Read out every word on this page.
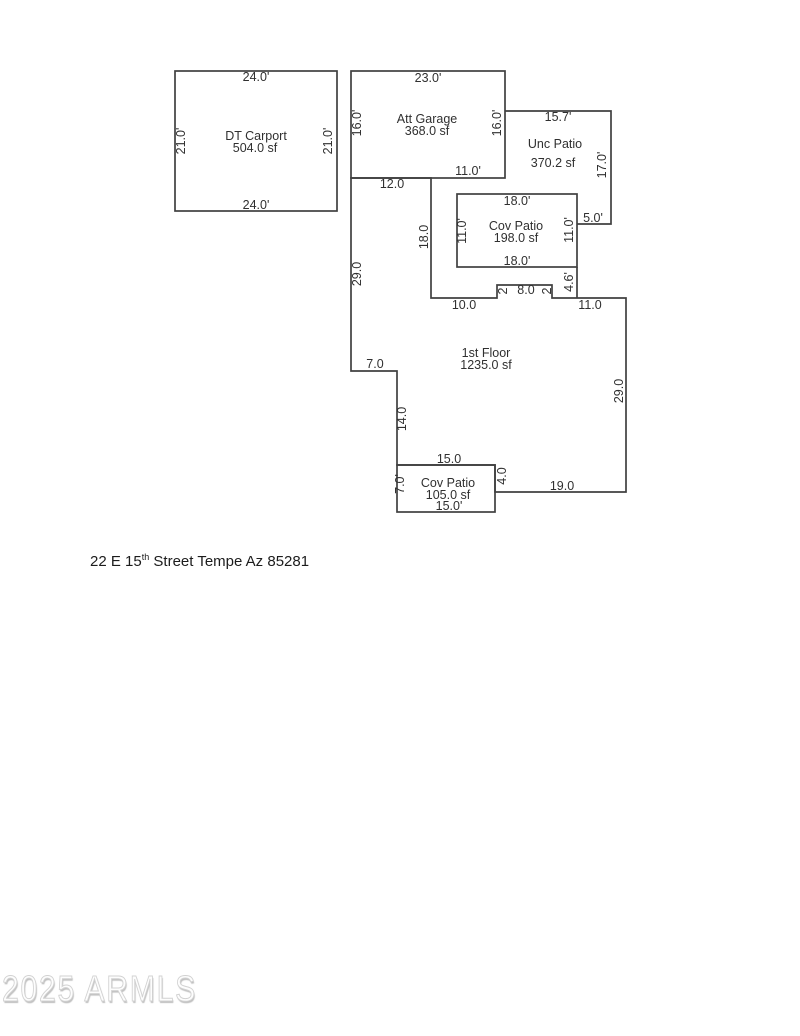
24.0'
24.0'
21.0'	21.0'
DT Carport
504.0 sf
23.0'
16.0'	16.0'
11.0'
Att Garage
368.0 sf
15.7'
Unc Patio
370.2 sf 17.0'
5.0'
18.0'
Cov Patio
198.0 sf
11.0'	11.0'
18.0'
12.0
18.0
4.6'
2 8.0 2
10.0	11.0
1st Floor
1235.0 sf
29.0
7.0
14.0
29.0
19.0
15.0
Cov Patio
105.0 sf
15.0'
7.0'	4.0
22 E 15th Street Tempe Az 85281
2025 ARMLS
